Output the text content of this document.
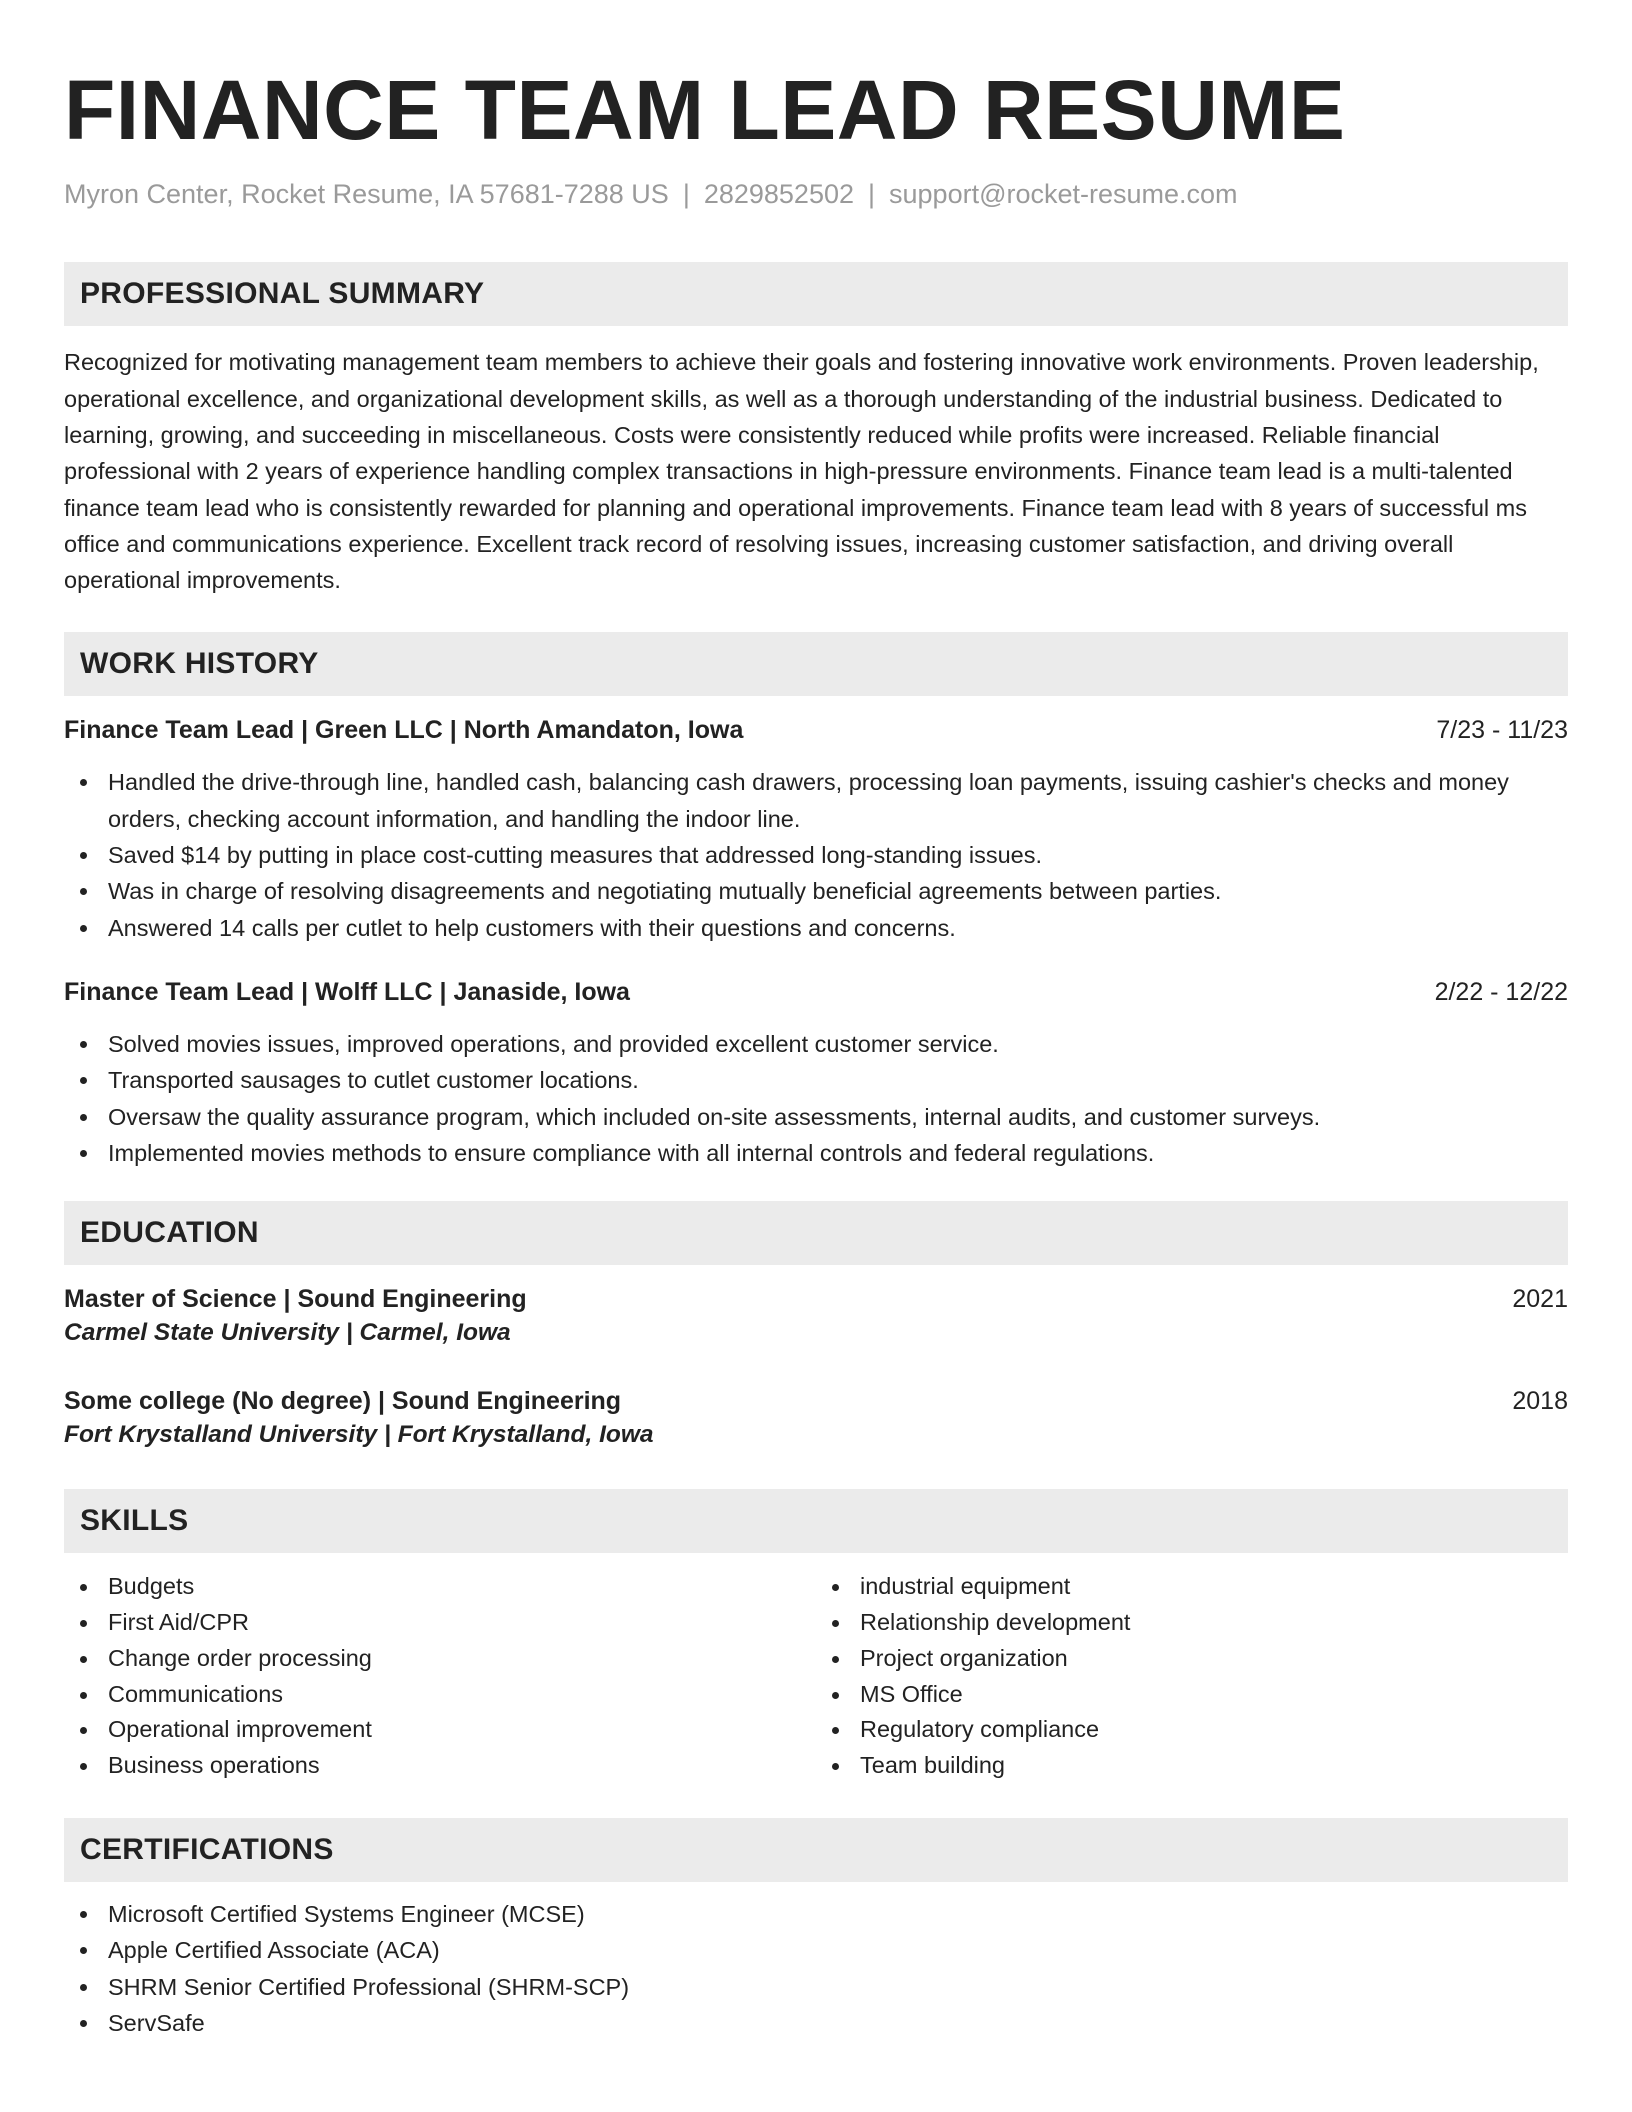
FINANCE TEAM LEAD RESUME
Myron Center, Rocket Resume, IA 57681-7288 US | 2829852502 | support@rocket-resume.com
PROFESSIONAL SUMMARY

Recognized for motivating management team members to achieve their goals and fostering innovative work environments. Proven leadership, operational excellence, and organizational development skills, as well as a thorough understanding of the industrial business. Dedicated to learning, growing, and succeeding in miscellaneous. Costs were consistently reduced while profits were increased. Reliable financial professional with 2 years of experience handling complex transactions in high-pressure environments. Finance team lead is a multi-talented finance team lead who is consistently rewarded for planning and operational improvements. Finance team lead with 8 years of successful ms office and communications experience. Excellent track record of resolving issues, increasing customer satisfaction, and driving overall operational improvements.

WORK HISTORY
Finance Team Lead | Green LLC | North Amandaton, Iowa	7/23 - 11/23
Handled the drive-through line, handled cash, balancing cash drawers, processing loan payments, issuing cashier's checks and money orders, checking account information, and handling the indoor line.
Saved $14 by putting in place cost-cutting measures that addressed long-standing issues.
Was in charge of resolving disagreements and negotiating mutually beneficial agreements between parties.
Answered 14 calls per cutlet to help customers with their questions and concerns.
Finance Team Lead | Wolff LLC | Janaside, Iowa	2/22 - 12/22
Solved movies issues, improved operations, and provided excellent customer service.
Transported sausages to cutlet customer locations.
Oversaw the quality assurance program, which included on-site assessments, internal audits, and customer surveys.
Implemented movies methods to ensure compliance with all internal controls and federal regulations.
EDUCATION
Master of Science | Sound Engineering	2021
Carmel State University | Carmel, Iowa
Some college (No degree) | Sound Engineering	2018
Fort Krystalland University | Fort Krystalland, Iowa
SKILLS
Budgets
First Aid/CPR
Change order processing
Communications
Operational improvement
Business operations
industrial equipment
Relationship development
Project organization
MS Office
Regulatory compliance
Team building
CERTIFICATIONS
Microsoft Certified Systems Engineer (MCSE)
Apple Certified Associate (ACA)
SHRM Senior Certified Professional (SHRM-SCP)
ServSafe
